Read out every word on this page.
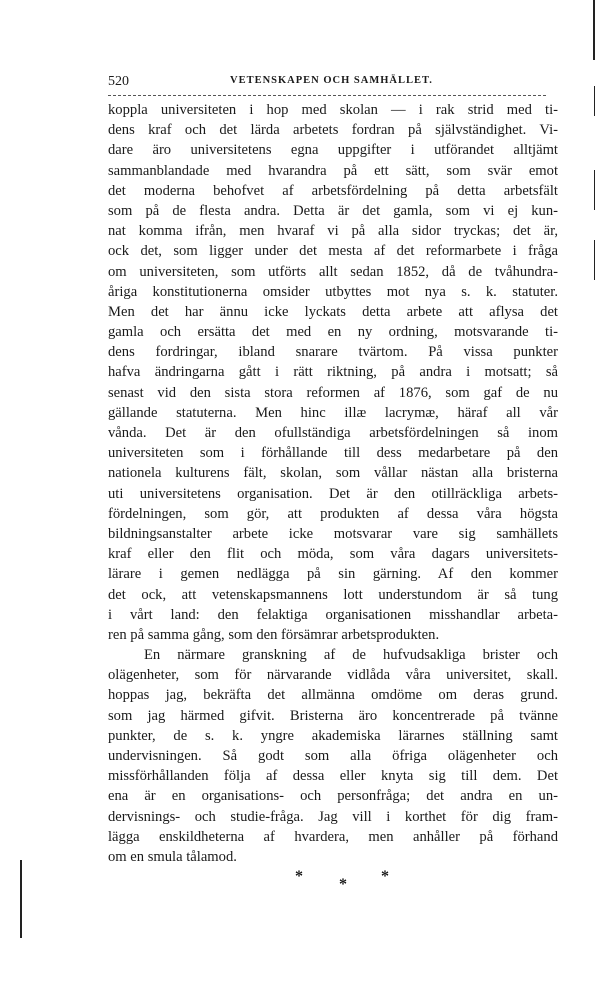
520	VETENSKAPEN OCH SAMHÄLLET.
koppla universiteten i hop med skolan — i rak strid med ti-
dens kraf och det lärda arbetets fordran på självständighet. Vi-
dare äro universitetens egna uppgifter i utförandet alltjämt
sammanblandade med hvarandra på ett sätt, som svär emot
det moderna behofvet af arbetsfördelning på detta arbetsfält
som på de flesta andra. Detta är det gamla, som vi ej kun-
nat komma ifrån, men hvaraf vi på alla sidor tryckas; det är,
ock det, som ligger under det mesta af det reformarbete i fråga
om universiteten, som utförts allt sedan 1852, då de tvåhundra-
åriga konstitutionerna omsider utbyttes mot nya s. k. statuter.
Men det har ännu icke lyckats detta arbete att aflysa det
gamla och ersätta det med en ny ordning, motsvarande ti-
dens fordringar, ibland snarare tvärtom. På vissa punkter
hafva ändringarna gått i rätt riktning, på andra i motsatt; så
senast vid den sista stora reformen af 1876, som gaf de nu
gällande statuterna. Men hinc illæ lacrymæ, häraf all vår
vånda. Det är den ofullständiga arbetsfördelningen så inom
universiteten som i förhållande till dess medarbetare på den
nationela kulturens fält, skolan, som vållar nästan alla bristerna
uti universitetens organisation. Det är den otillräckliga arbets-
fördelningen, som gör, att produkten af dessa våra högsta
bildningsanstalter arbete icke motsvarar vare sig samhällets
kraf eller den flit och möda, som våra dagars universitets-
lärare i gemen nedlägga på sin gärning. Af den kommer
det ock, att vetenskapsmannens lott understundom är så tung
i vårt land: den felaktiga organisationen misshandlar arbeta-
ren på samma gång, som den försämrar arbetsprodukten.
En närmare granskning af de hufvudsakliga brister och
olägenheter, som för närvarande vidlåda våra universitet, skall.
hoppas jag, bekräfta det allmänna omdöme om deras grund.
som jag härmed gifvit. Bristerna äro koncentrerade på tvänne
punkter, de s. k. yngre akademiska lärarnes ställning samt
undervisningen. Så godt som alla öfriga olägenheter och
missförhållanden följa af dessa eller knyta sig till dem. Det
ena är en organisations- och personfråga; det andra en un-
dervisnings- och studie-fråga. Jag vill i korthet för dig fram-
lägga enskildheterna af hvardera, men anhåller på förhand
om en smula tålamod.
* * *
